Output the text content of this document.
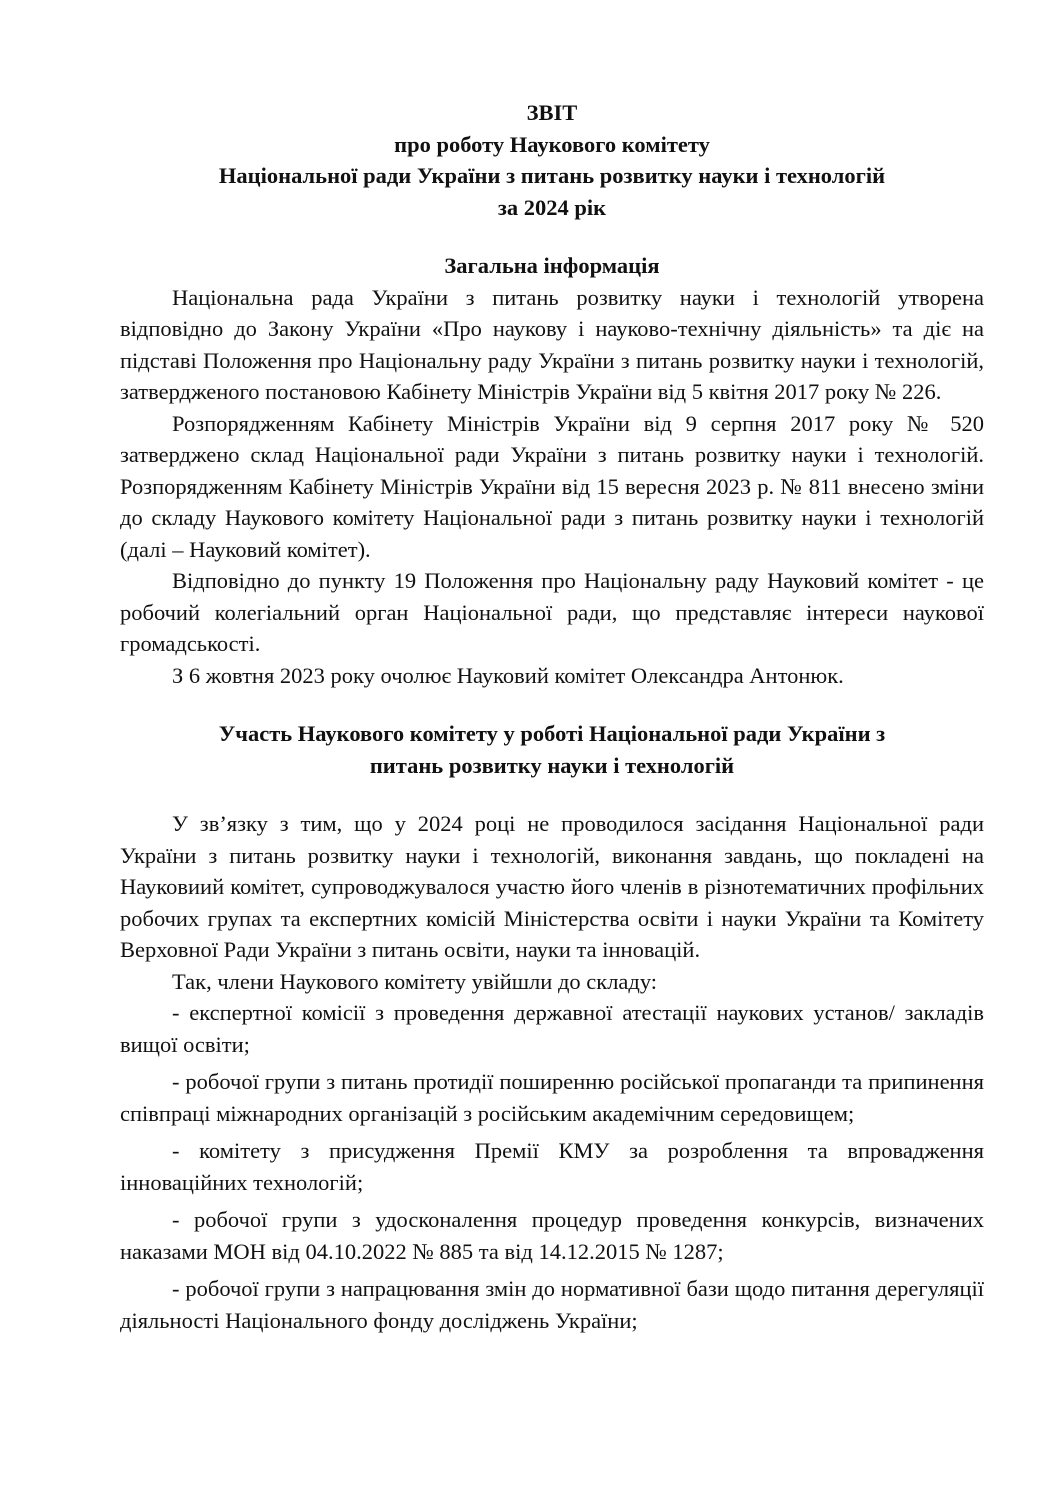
ЗВІТ
про роботу Наукового комітету
Національної ради України з питань розвитку науки і технологій
за 2024 рік
Загальна інформація

Національна рада України з питань розвитку науки і технологій утворена відповідно до Закону України «Про наукову і науково-технічну діяльність» та діє на підставі Положення про Національну раду України з питань розвитку науки і технологій, затвердженого постановою Кабінету Міністрів України від 5 квітня 2017 року № 226.

Розпорядженням Кабінету Міністрів України від 9 серпня 2017 року № 520 затверджено склад Національної ради України з питань розвитку науки і технологій. Розпорядженням Кабінету Міністрів України від 15 вересня 2023 р. № 811 внесено зміни до складу Наукового комітету Національної ради з питань розвитку науки і технологій (далі – Науковий комітет).

Відповідно до пункту 19 Положення про Національну раду Науковий комітет - це робочий колегіальний орган Національної ради, що представляє інтереси наукової громадськості.

З 6 жовтня 2023 року очолює Науковий комітет Олександра Антонюк.

Участь Наукового комітету у роботі Національної ради України з
питань розвитку науки і технологій

У зв’язку з тим, що у 2024 році не проводилося засідання Національної ради України з питань розвитку науки і технологій, виконання завдань, що покладені на Науковиий комітет, супроводжувалося участю його членів в різнотематичних профільних робочих групах та експертних комісій Міністерства освіти і науки України та Комітету Верховної Ради України з питань освіти, науки та інновацій.

Так, члени Наукового комітету увійшли до складу:

- експертної комісії з проведення державної атестації наукових установ/ закладів вищої освіти;

- робочої групи з питань протидії поширенню російської пропаганди та припинення співпраці міжнародних організацій з російським академічним середовищем;

- комітету з присудження Премії КМУ за розроблення та впровадження інноваційних технологій;

- робочої групи з удосконалення процедур проведення конкурсів, визначених наказами МОН від 04.10.2022 № 885 та від 14.12.2015 № 1287;

- робочої групи з напрацювання змін до нормативної бази щодо питання дерегуляції діяльності Національного фонду досліджень України;
